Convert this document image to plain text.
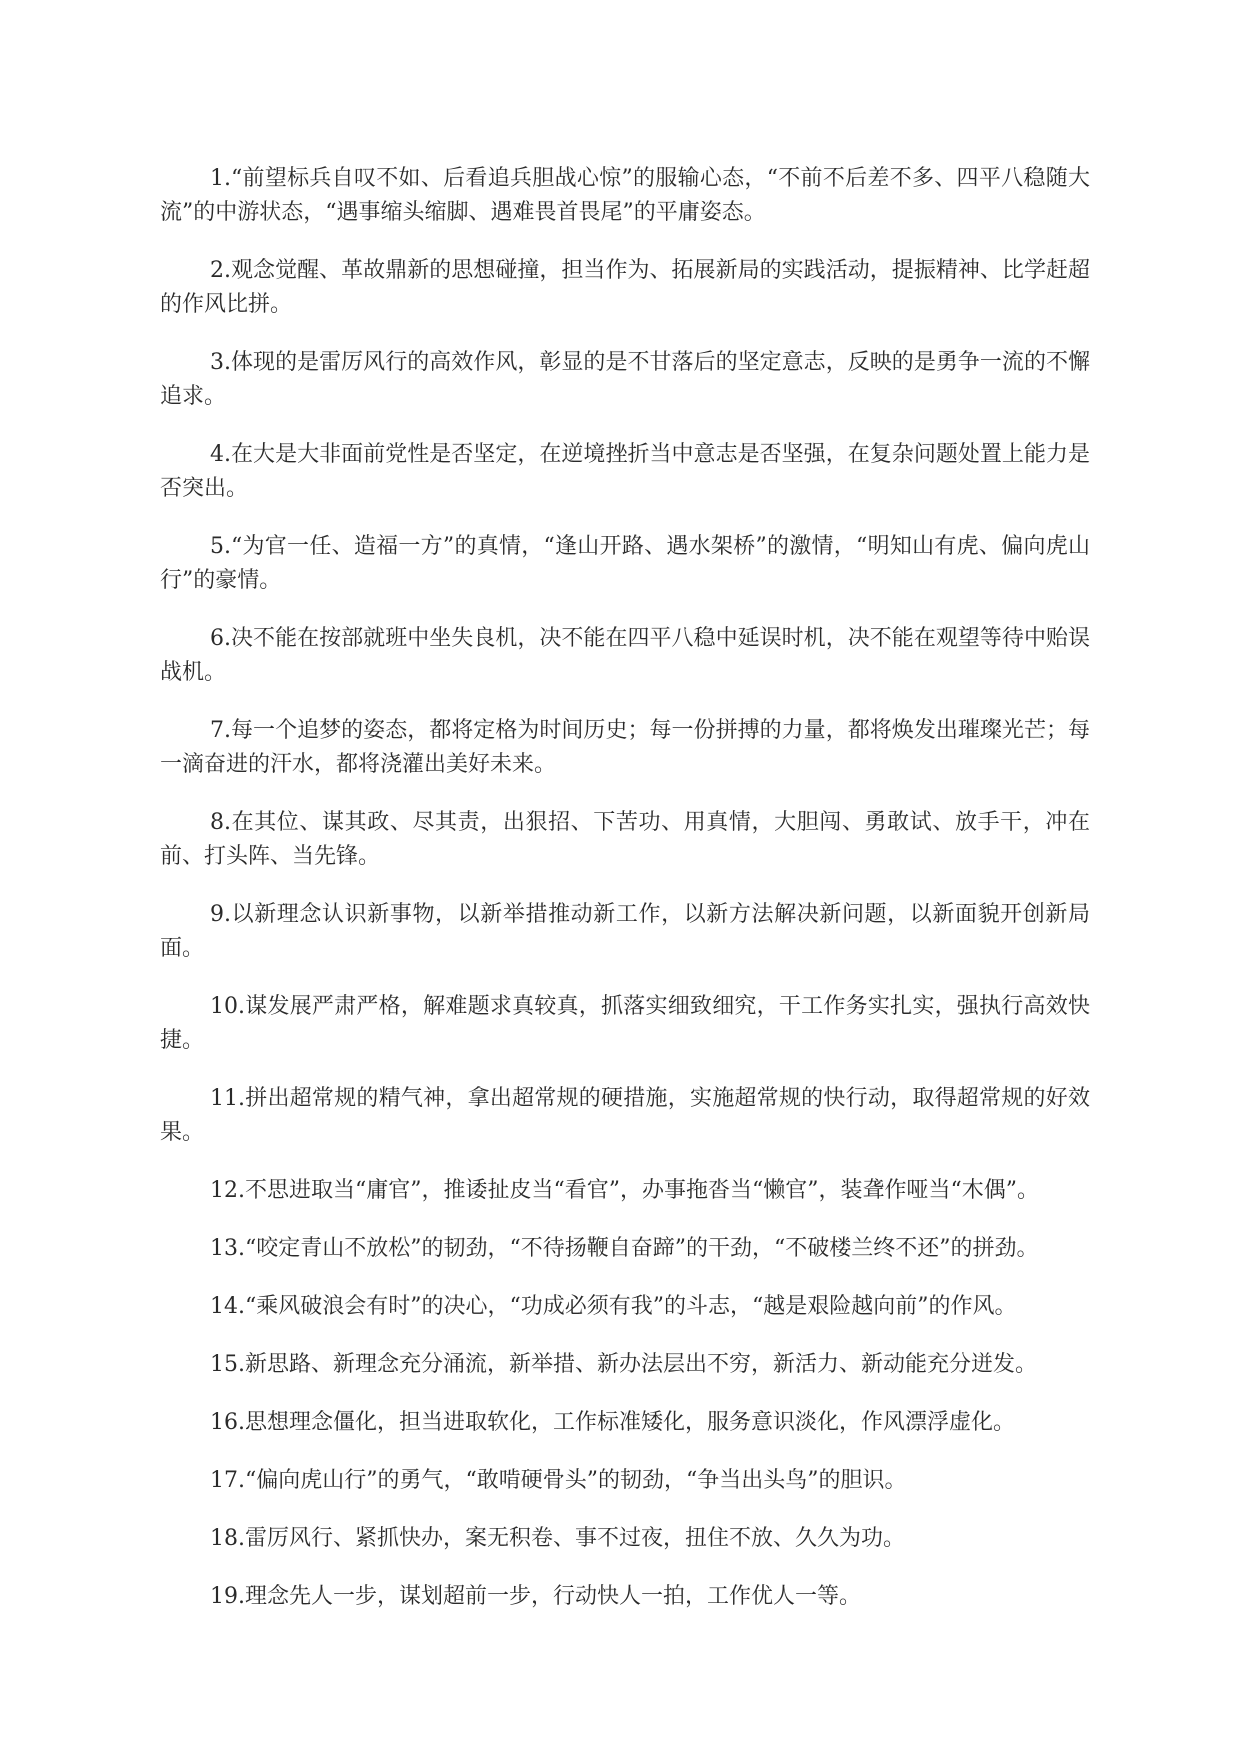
1.“前望标兵自叹不如、后看追兵胆战心惊”的服输心态，“不前不后差不多、四平八稳随大流”的中游状态，“遇事缩头缩脚、遇难畏首畏尾”的平庸姿态。

2.观念觉醒、革故鼎新的思想碰撞，担当作为、拓展新局的实践活动，提振精神、比学赶超的作风比拼。

3.体现的是雷厉风行的高效作风，彰显的是不甘落后的坚定意志，反映的是勇争一流的不懈追求。

4.在大是大非面前党性是否坚定，在逆境挫折当中意志是否坚强，在复杂问题处置上能力是否突出。

5.“为官一任、造福一方”的真情，“逢山开路、遇水架桥”的激情，“明知山有虎、偏向虎山行”的豪情。

6.决不能在按部就班中坐失良机，决不能在四平八稳中延误时机，决不能在观望等待中贻误战机。

7.每一个追梦的姿态，都将定格为时间历史；每一份拼搏的力量，都将焕发出璀璨光芒；每一滴奋进的汗水，都将浇灌出美好未来。

8.在其位、谋其政、尽其责，出狠招、下苦功、用真情，大胆闯、勇敢试、放手干，冲在前、打头阵、当先锋。

9.以新理念认识新事物，以新举措推动新工作，以新方法解决新问题，以新面貌开创新局面。

10.谋发展严肃严格，解难题求真较真，抓落实细致细究，干工作务实扎实，强执行高效快捷。

11.拼出超常规的精气神，拿出超常规的硬措施，实施超常规的快行动，取得超常规的好效果。

12.不思进取当“庸官”，推诿扯皮当“看官”，办事拖沓当“懒官”，装聋作哑当“木偶”。

13.“咬定青山不放松”的韧劲，“不待扬鞭自奋蹄”的干劲，“不破楼兰终不还”的拼劲。

14.“乘风破浪会有时”的决心，“功成必须有我”的斗志，“越是艰险越向前”的作风。

15.新思路、新理念充分涌流，新举措、新办法层出不穷，新活力、新动能充分迸发。

16.思想理念僵化，担当进取软化，工作标准矮化，服务意识淡化，作风漂浮虚化。

17.“偏向虎山行”的勇气，“敢啃硬骨头”的韧劲，“争当出头鸟”的胆识。

18.雷厉风行、紧抓快办，案无积卷、事不过夜，扭住不放、久久为功。

19.理念先人一步，谋划超前一步，行动快人一拍，工作优人一等。
